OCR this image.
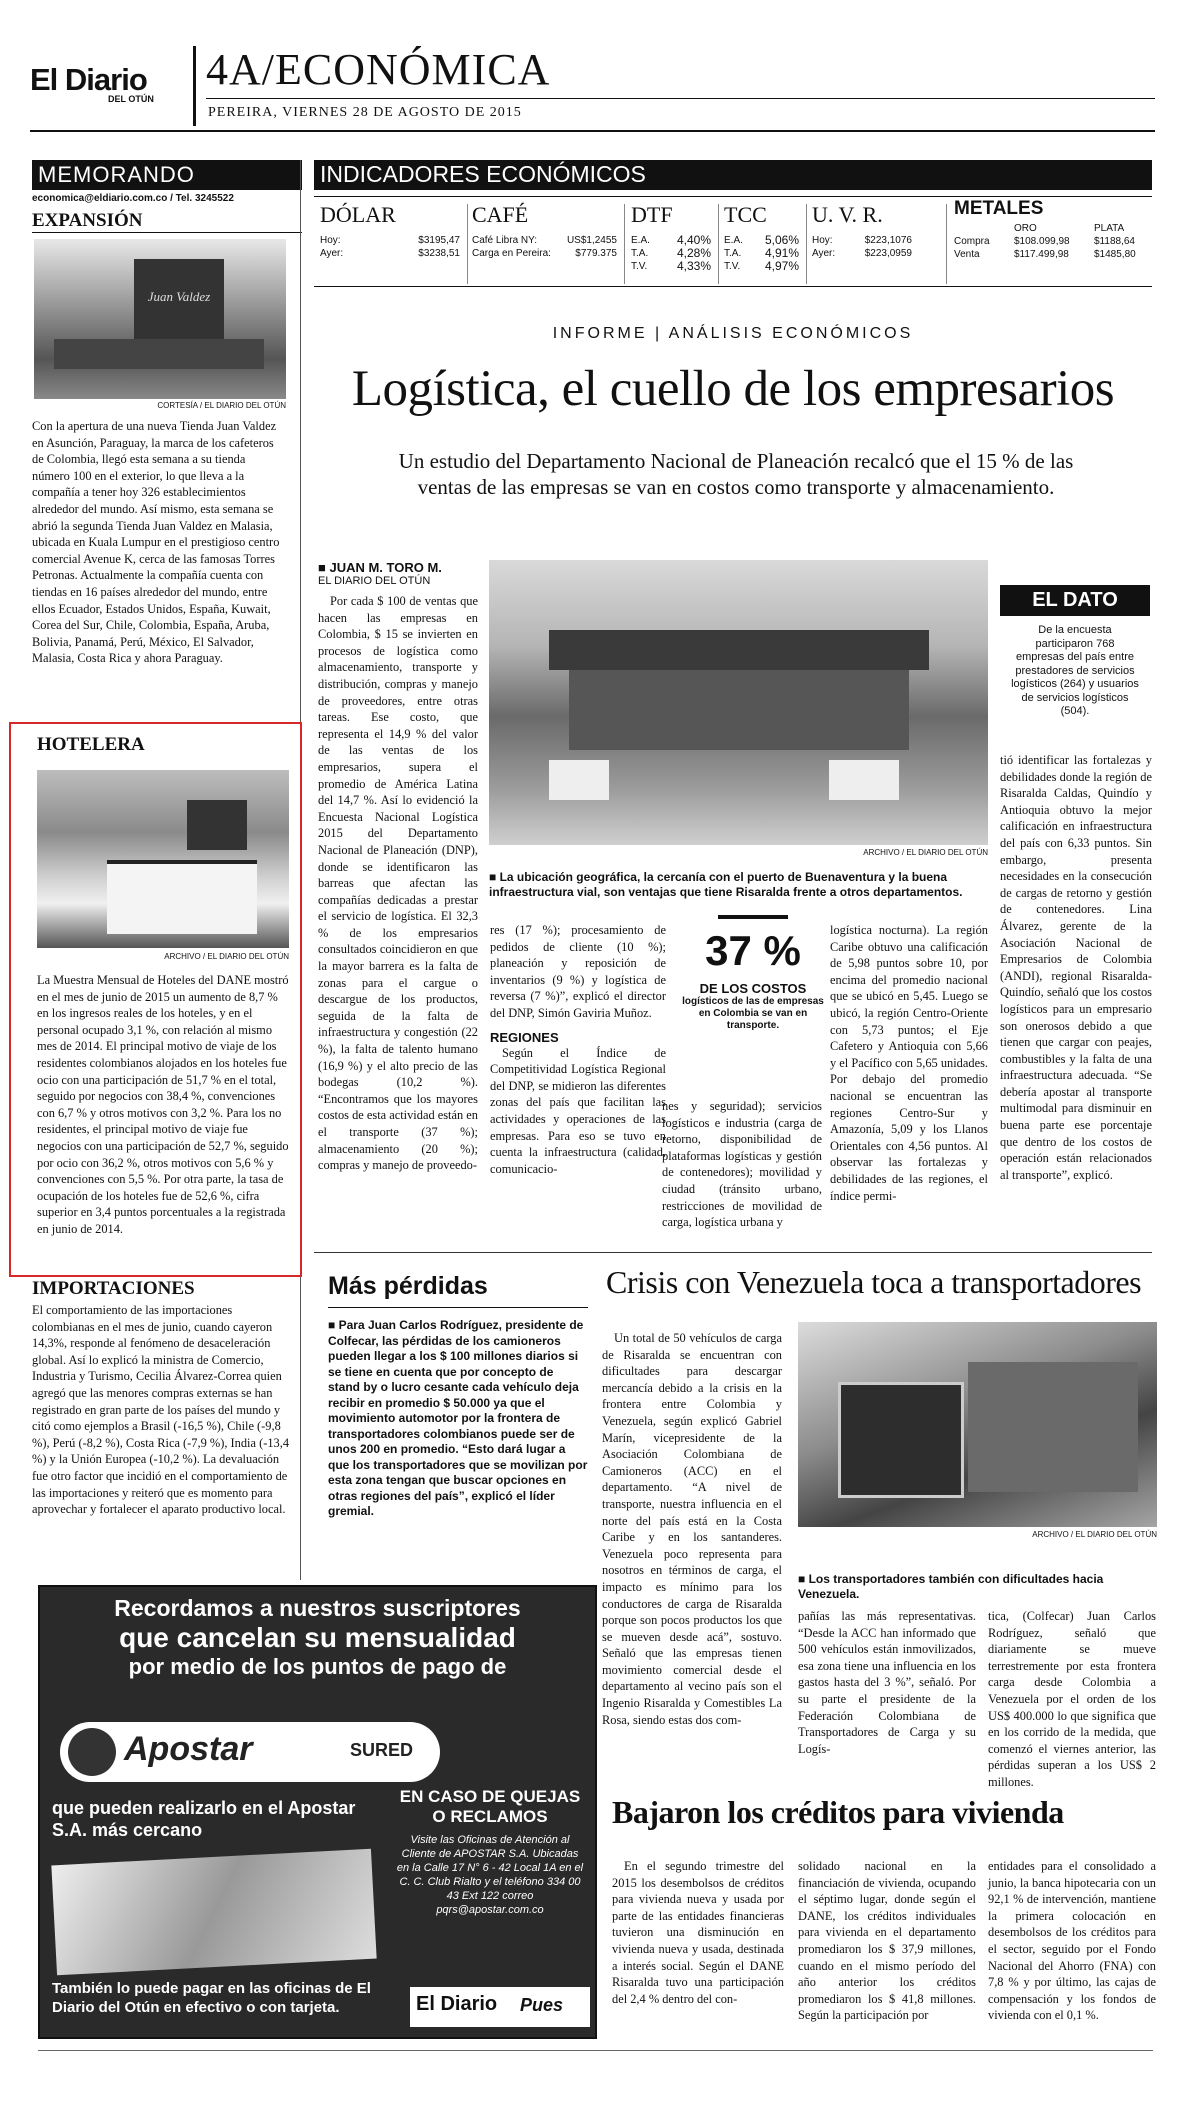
El Diario
DEL OTÚN
4A/ECONÓMICA
PEREIRA, VIERNES 28 DE AGOSTO DE 2015
MEMORANDO
economica@eldiario.com.co / Tel. 3245522
EXPANSIÓN
Juan Valdez
CORTESÍA / EL DIARIO DEL OTÚN
Con la apertura de una nueva Tienda Juan Valdez en Asunción, Paraguay, la marca de los cafeteros de Colombia, llegó esta semana a su tienda número 100 en el exterior, lo que lleva a la compañía a tener hoy 326 establecimientos alrededor del mundo. Así mismo, esta semana se abrió la segunda Tienda Juan Valdez en Malasia, ubicada en Kuala Lumpur en el prestigioso centro comercial Avenue K, cerca de las famosas Torres Petronas. Actualmente la compañía cuenta con tiendas en 16 países alrededor del mundo, entre ellos Ecuador, Estados Unidos, España, Kuwait, Corea del Sur, Chile, Colombia, España, Aruba, Bolivia, Panamá, Perú, México, El Salvador, Malasia, Costa Rica y ahora Paraguay.
HOTELERA
ARCHIVO / EL DIARIO DEL OTÚN
La Muestra Mensual de Hoteles del DANE mostró en el mes de junio de 2015 un aumento de 8,7 % en los ingresos reales de los hoteles, y en el personal ocupado 3,1 %, con relación al mismo mes de 2014. El principal motivo de viaje de los residentes colombianos alojados en los hoteles fue ocio con una participación de 51,7 % en el total, seguido por negocios con 38,4 %, convenciones con 6,7 % y otros motivos con 3,2 %. Para los no residentes, el principal motivo de viaje fue negocios con una participación de 52,7 %, seguido por ocio con 36,2 %, otros motivos con 5,6 % y convenciones con 5,5 %. Por otra parte, la tasa de ocupación de los hoteles fue de 52,6 %, cifra superior en 3,4 puntos porcentuales a la registrada en junio de 2014.
IMPORTACIONES
El comportamiento de las importaciones colombianas en el mes de junio, cuando cayeron 14,3%, responde al fenómeno de desaceleración global. Así lo explicó la ministra de Comercio, Industria y Turismo, Cecilia Álvarez-Correa quien agregó que las menores compras externas se han registrado en gran parte de los países del mundo y citó como ejemplos a Brasil (-16,5 %), Chile (-9,8 %), Perú (-8,2 %), Costa Rica (-7,9 %), India (-13,4 %) y la Unión Europea (-10,2 %). La devaluación fue otro factor que incidió en el comportamiento de las importaciones y reiteró que es momento para aprovechar y fortalecer el aparato productivo local.
INDICADORES ECONÓMICOS
DÓLAR
Hoy:	$3195,47
Ayer:	$3238,51
CAFÉ
Café Libra NY:	US$1,2455
Carga en Pereira: $779.375
DTF
E.A. 4,40%
T.A. 4,28%
T.V. 4,33%
TCC
E.A. 5,06%
T.A. 4,91%
T.V. 4,97%
U. V. R.
Hoy:	$223,1076
Ayer:	$223,0959
METALES
ORO	PLATA
Compra	$108.099,98	$1188,64
Venta	$117.499,98	$1485,80
INFORME | ANÁLISIS ECONÓMICOS
Logística, el cuello de los empresarios
Un estudio del Departamento Nacional de Planeación recalcó que el 15 % de las ventas de las empresas se van en costos como transporte y almacenamiento.
■ JUAN M. TORO M.
EL DIARIO DEL OTÚN
Por cada $ 100 de ventas que hacen las empresas en Colombia, $ 15 se invierten en procesos de logística como almacenamiento, transporte y distribución, compras y manejo de proveedores, entre otras tareas. Ese costo, que representa el 14,9 % del valor de las ventas de los empresarios, supera el promedio de América Latina del 14,7 %. Así lo evidenció la Encuesta Nacional Logística 2015 del Departamento Nacional de Planeación (DNP), donde se identificaron las barreas que afectan las compañías dedicadas a prestar el servicio de logística. El 32,3 % de los empresarios consultados coincidieron en que la mayor barrera es la falta de zonas para el cargue o descargue de los productos, seguida de la falta de infraestructura y congestión (22 %), la falta de talento humano (16,9 %) y el alto precio de las bodegas (10,2 %). “Encontramos que los mayores costos de esta actividad están en el transporte (37 %); almacenamiento (20 %); compras y manejo de proveedo-
ARCHIVO / EL DIARIO DEL OTÚN
■ La ubicación geográfica, la cercanía con el puerto de Buenaventura y la buena infraestructura vial, son ventajas que tiene Risaralda frente a otros departamentos.
res (17 %); procesamiento de pedidos de cliente (10 %); planeación y reposición de inventarios (9 %) y logística de reversa (7 %)”, explicó el director del DNP, Simón Gaviria Muñoz.
REGIONES
Según el Índice de Competitividad Logística Regional del DNP, se midieron las diferentes zonas del país que facilitan las actividades y operaciones de las empresas. Para eso se tuvo en cuenta la infraestructura (calidad, comunicacio-
37 %
DE LOS COSTOS
logísticos de las de empresas en Colombia se van en transporte.
nes y seguridad); servicios logísticos e industria (carga de retorno, disponibilidad de plataformas logísticas y gestión de contenedores); movilidad y ciudad (tránsito urbano, restricciones de movilidad de carga, logística urbana y
logística nocturna). La región Caribe obtuvo una calificación de 5,98 puntos sobre 10, por encima del promedio nacional que se ubicó en 5,45. Luego se ubicó, la región Centro-Oriente con 5,73 puntos; el Eje Cafetero y Antioquia con 5,66 y el Pacífico con 5,65 unidades. Por debajo del promedio nacional se encuentran las regiones Centro-Sur y Amazonía, 5,09 y los Llanos Orientales con 4,56 puntos. Al observar las fortalezas y debilidades de las regiones, el índice permi-
EL DATO
De la encuesta participaron 768 empresas del país entre prestadores de servicios logísticos (264) y usuarios de servicios logísticos (504).
tió identificar las fortalezas y debilidades donde la región de Risaralda Caldas, Quindío y Antioquia obtuvo la mejor calificación en infraestructura del país con 6,33 puntos. Sin embargo, presenta necesidades en la consecución de cargas de retorno y gestión de contenedores. Lina Álvarez, gerente de la Asociación Nacional de Empresarios de Colombia (ANDI), regional Risaralda-Quindío, señaló que los costos logísticos para un empresario son onerosos debido a que tienen que cargar con peajes, combustibles y la falta de una infraestructura adecuada. “Se debería apostar al transporte multimodal para disminuir en buena parte ese porcentaje que dentro de los costos de operación están relacionados al transporte”, explicó.
Más pérdidas
■ Para Juan Carlos Rodríguez, presidente de Colfecar, las pérdidas de los camioneros pueden llegar a los $ 100 millones diarios si se tiene en cuenta que por concepto de stand by o lucro cesante cada vehículo deja recibir en promedio $ 50.000 ya que el movimiento automotor por la frontera de transportadores colombianos puede ser de unos 200 en promedio. “Esto dará lugar a que los transportadores que se movilizan por esta zona tengan que buscar opciones en otras regiones del país”, explicó el líder gremial.
Crisis con Venezuela toca a transportadores
Un total de 50 vehículos de carga de Risaralda se encuentran con dificultades para descargar mercancía debido a la crisis en la frontera entre Colombia y Venezuela, según explicó Gabriel Marín, vicepresidente de la Asociación Colombiana de Camioneros (ACC) en el departamento. “A nivel de transporte, nuestra influencia en el norte del país está en la Costa Caribe y en los santanderes. Venezuela poco representa para nosotros en términos de carga, el impacto es mínimo para los conductores de carga de Risaralda porque son pocos productos los que se mueven desde acá”, sostuvo. Señaló que las empresas tienen movimiento comercial desde el departamento al vecino país son el Ingenio Risaralda y Comestibles La Rosa, siendo estas dos com-
ARCHIVO / EL DIARIO DEL OTÚN
■ Los transportadores también con dificultades hacia Venezuela.
pañías las más representativas. “Desde la ACC han informado que 500 vehículos están inmovilizados, esa zona tiene una influencia en los gastos hasta del 3 %”, señaló. Por su parte el presidente de la Federación Colombiana de Transportadores de Carga y su Logís-
tica, (Colfecar) Juan Carlos Rodríguez, señaló que diariamente se mueve terrestremente por esta frontera carga desde Colombia a Venezuela por el orden de los US$ 400.000 lo que significa que en los corrido de la medida, que comenzó el viernes anterior, las pérdidas superan a los US$ 2 millones.
Bajaron los créditos para vivienda
En el segundo trimestre del 2015 los desembolsos de créditos para vivienda nueva y usada por parte de las entidades financieras tuvieron una disminución en vivienda nueva y usada, destinada a interés social. Según el DANE Risaralda tuvo una participación del 2,4 % dentro del con-
solidado nacional en la financiación de vivienda, ocupando el séptimo lugar, donde según el DANE, los créditos individuales para vivienda en el departamento promediaron los $ 37,9 millones, cuando en el mismo período del año anterior los créditos promediaron los $ 41,8 millones. Según la participación por
entidades para el consolidado a junio, la banca hipotecaria con un 92,1 % de intervención, mantiene la primera colocación en desembolsos de los créditos para el sector, seguido por el Fondo Nacional del Ahorro (FNA) con 7,8 % y por último, las cajas de compensación y los fondos de vivienda con el 0,1 %.
Recordamos a nuestros suscriptores
que cancelan su mensualidad
por medio de los puntos de pago de
Apostar	SURED
que pueden realizarlo en el Apostar S.A. más cercano
EN CASO DE QUEJAS O RECLAMOS
Visite las Oficinas de Atención al Cliente de APOSTAR S.A. Ubicadas en la Calle 17 N° 6 - 42 Local 1A en el C. C. Club Rialto y el teléfono 334 00 43 Ext 122 correo pqrs@apostar.com.co
También lo puede pagar en las oficinas de El Diario del Otún en efectivo o con tarjeta.	El Diario Pues
